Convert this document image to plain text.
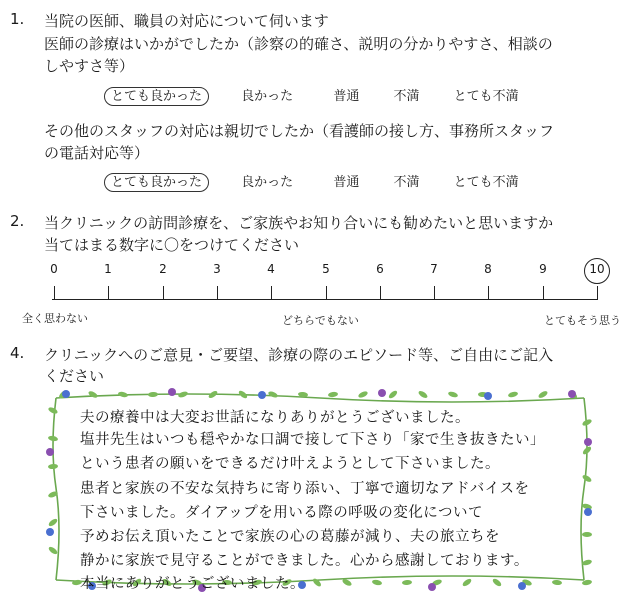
1. 当院の医師、職員の対応について伺います
医師の診療はいかがでしたか（診察の的確さ、説明の分かりやすさ、相談の
しやすさ等）
とても良かった	良かった	普通	不満	とても不満
その他のスタッフの対応は親切でしたか（看護師の接し方、事務所スタッフ
の電話対応等）
とても良かった	良かった	普通	不満	とても不満
2. 当クリニックの訪問診療を、ご家族やお知り合いにも勧めたいと思いますか
当てはまる数字に〇をつけてください
0	1	2	3	4	5	6	7	8	9	10
全く思わない	どちらでもない	とてもそう思う
4. クリニックへのご意見・ご要望、診療の際のエピソード等、ご自由にご記入
ください
夫の療養中は大変お世話になりありがとうございました。
塩井先生はいつも穏やかな口調で接して下さり「家で生き抜きたい」
という患者の願いをできるだけ叶えようとして下さいました。
患者と家族の不安な気持ちに寄り添い、丁寧で適切なアドバイスを
下さいました。ダイアップを用いる際の呼吸の変化について
予めお伝え頂いたことで家族の心の葛藤が減り、夫の旅立ちを
静かに家族で見守ることができました。心から感謝しております。
本当にありがとうございました。
